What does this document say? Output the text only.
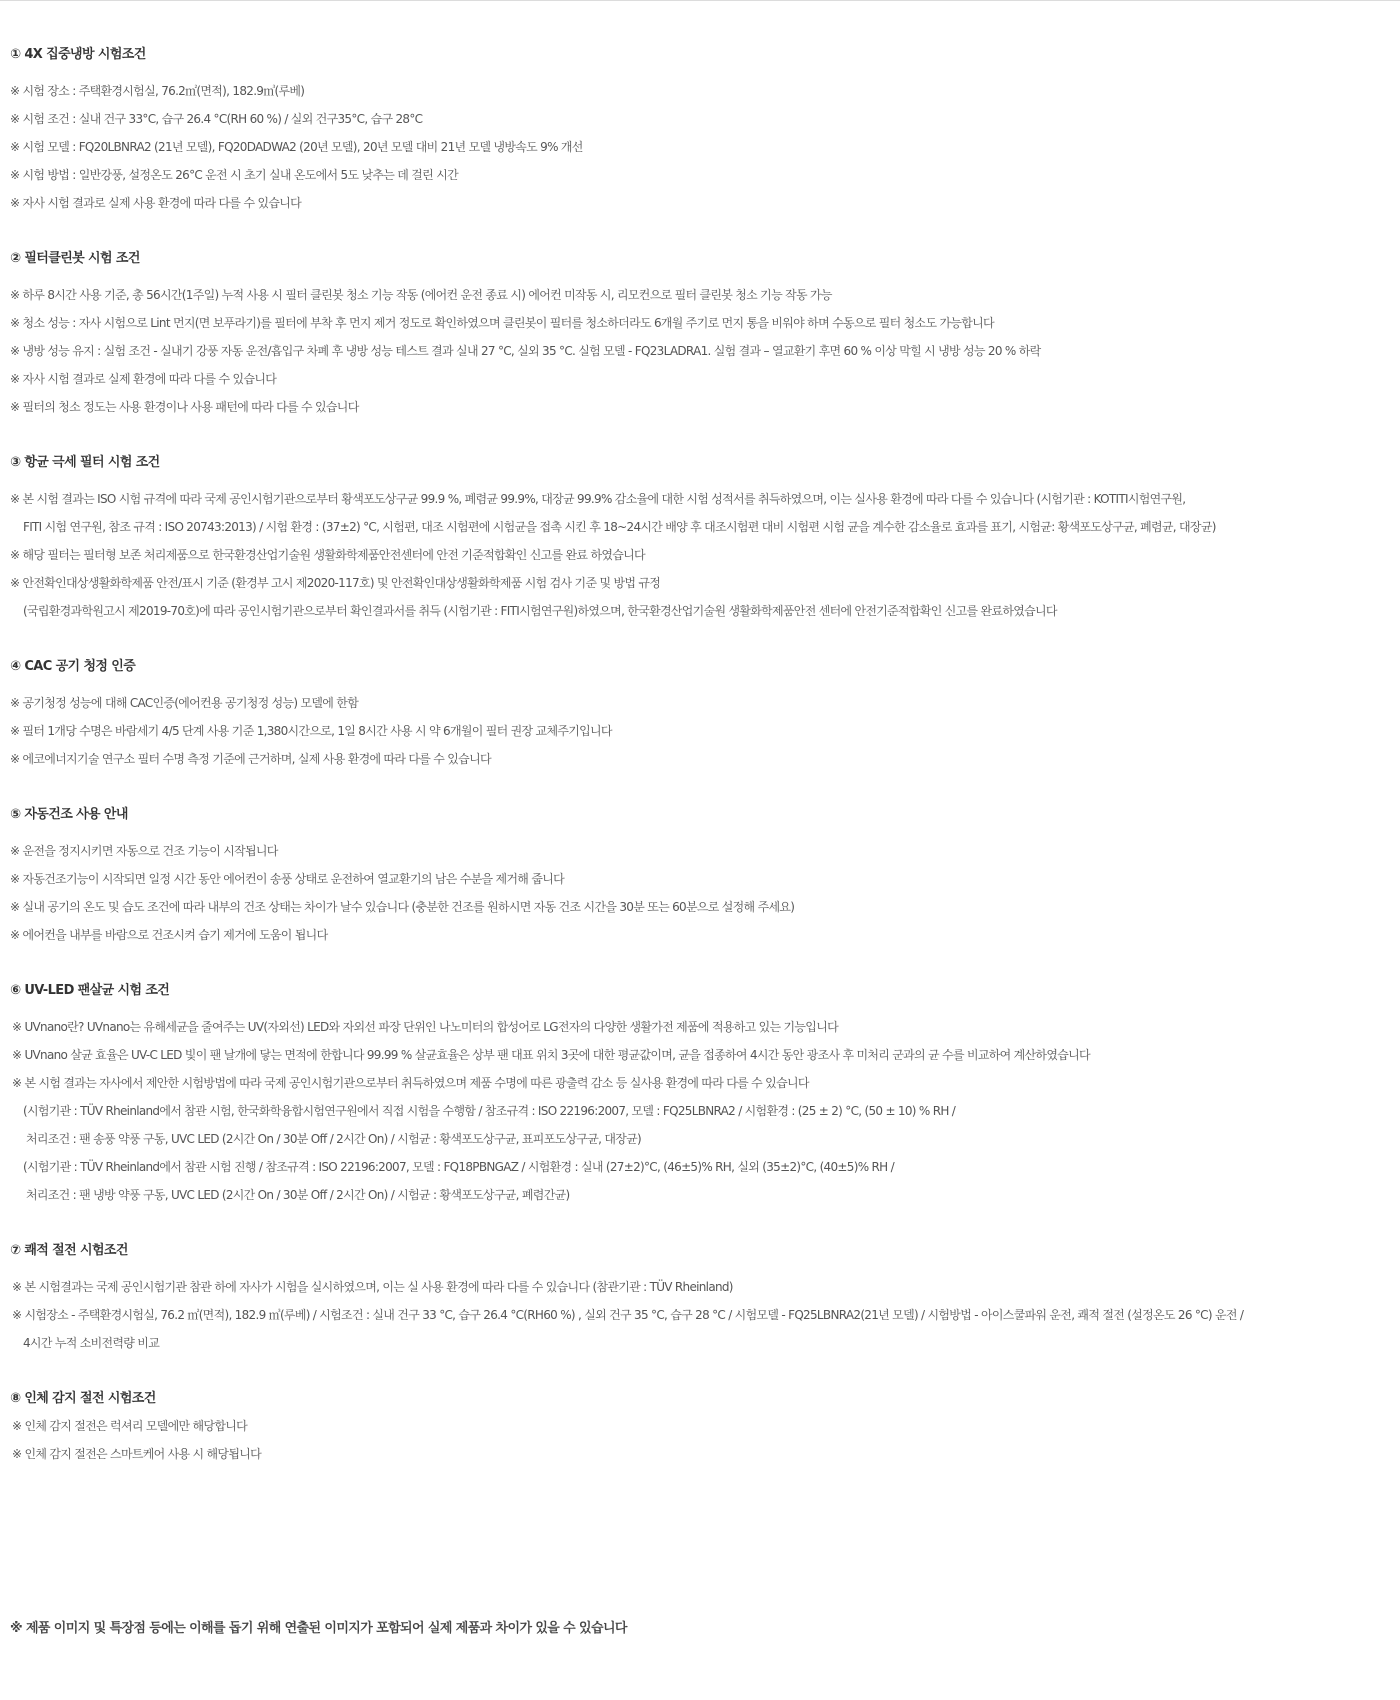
① 4X 집중냉방 시험조건

※ 시험 장소 : 주택환경시험실, 76.2㎡(면적), 182.9㎥(루베)

※ 시험 조건 : 실내 건구 33°C, 습구 26.4 °C(RH 60 %) / 실외 건구35°C, 습구 28°C

※ 시험 모델 : FQ20LBNRA2 (21년 모델), FQ20DADWA2 (20년 모델), 20년 모델 대비 21년 모델 냉방속도 9% 개선

※ 시험 방법 : 일반강풍, 설정온도 26°C 운전 시 초기 실내 온도에서 5도 낮추는 데 걸린 시간

※ 자사 시험 결과로 실제 사용 환경에 따라 다를 수 있습니다

② 필터클린봇 시험 조건

※ 하루 8시간 사용 기준, 총 56시간(1주일) 누적 사용 시 필터 클린봇 청소 기능 작동 (에어컨 운전 종료 시) 에어컨 미작동 시, 리모컨으로 필터 클린봇 청소 기능 작동 가능

※ 청소 성능 : 자사 시험으로 Lint 먼지(면 보푸라기)를 필터에 부착 후 먼지 제거 정도로 확인하였으며 클린봇이 필터를 청소하더라도 6개월 주기로 먼지 통을 비워야 하며 수동으로 필터 청소도 가능합니다

※ 냉방 성능 유지 : 실험 조건 - 실내기 강풍 자동 운전/흡입구 차폐 후 냉방 성능 테스트 결과 실내 27 °C, 실외 35 °C. 실험 모델 - FQ23LADRA1. 실험 결과 – 열교환기 후면 60 % 이상 막힐 시 냉방 성능 20 % 하락

※ 자사 시험 결과로 실제 환경에 따라 다를 수 있습니다

※ 필터의 청소 정도는 사용 환경이나 사용 패턴에 따라 다를 수 있습니다

③ 항균 극세 필터 시험 조건

※ 본 시험 결과는 ISO 시험 규격에 따라 국제 공인시험기관으로부터 황색포도상구균 99.9 %, 폐렴균 99.9%, 대장균 99.9% 감소율에 대한 시험 성적서를 취득하였으며, 이는 실사용 환경에 따라 다를 수 있습니다 (시험기관 : KOTITI시험연구원,

FITI 시험 연구원, 참조 규격 : ISO 20743:2013) / 시험 환경 : (37±2) °C, 시험편, 대조 시험편에 시험균을 접촉 시킨 후 18~24시간 배양 후 대조시험편 대비 시험편 시험 균을 계수한 감소율로 효과를 표기, 시험균: 황색포도상구균, 폐렴균, 대장균)

※ 해당 필터는 필터형 보존 처리제품으로 한국환경산업기술원 생활화학제품안전센터에 안전 기준적합확인 신고를 완료 하였습니다

※ 안전확인대상생활화학제품 안전/표시 기준 (환경부 고시 제2020-117호) 및 안전확인대상생활화학제품 시험 검사 기준 및 방법 규정

(국립환경과학원고시 제2019-70호)에 따라 공인시험기관으로부터 확인결과서를 취득 (시험기관 : FITI시험연구원)하였으며, 한국환경산업기술원 생활화학제품안전 센터에 안전기준적합확인 신고를 완료하였습니다

④ CAC 공기 청정 인증

※ 공기청정 성능에 대해 CAC인증(에어컨용 공기청정 성능) 모델에 한함

※ 필터 1개당 수명은 바람세기 4/5 단계 사용 기준 1,380시간으로, 1일 8시간 사용 시 약 6개월이 필터 권장 교체주기입니다

※ 에코에너지기술 연구소 필터 수명 측정 기준에 근거하며, 실제 사용 환경에 따라 다를 수 있습니다

⑤ 자동건조 사용 안내

※ 운전을 정지시키면 자동으로 건조 기능이 시작됩니다

※ 자동건조기능이 시작되면 일정 시간 동안 에어컨이 송풍 상태로 운전하여 열교환기의 남은 수분을 제거해 줍니다

※ 실내 공기의 온도 및 습도 조건에 따라 내부의 건조 상태는 차이가 날수 있습니다 (충분한 건조를 원하시면 자동 건조 시간을 30분 또는 60분으로 설정해 주세요)

※ 에어컨을 내부를 바람으로 건조시켜 습기 제거에 도움이 됩니다

⑥ UV-LED 팬살균 시험 조건

※ UVnano란? UVnano는 유해세균을 줄여주는 UV(자외선) LED와 자외선 파장 단위인 나노미터의 합성어로 LG전자의 다양한 생활가전 제품에 적용하고 있는 기능입니다

※ UVnano 살균 효율은 UV-C LED 빛이 팬 날개에 닿는 면적에 한합니다 99.99 % 살균효율은 상부 팬 대표 위치 3곳에 대한 평균값이며, 균을 접종하여 4시간 동안 광조사 후 미처리 군과의 균 수를 비교하여 계산하였습니다

※ 본 시험 결과는 자사에서 제안한 시험방법에 따라 국제 공인시험기관으로부터 취득하였으며 제품 수명에 따른 광출력 감소 등 실사용 환경에 따라 다를 수 있습니다

(시험기관 : TÜV Rheinland에서 참관 시험, 한국화학융합시험연구원에서 직접 시험을 수행함 / 참조규격 : ISO 22196:2007, 모델 : FQ25LBNRA2 / 시험환경 : (25 ± 2) °C, (50 ± 10) % RH /

처리조건 : 팬 송풍 약풍 구동, UVC LED (2시간 On / 30분 Off / 2시간 On) / 시험균 : 황색포도상구균, 표피포도상구균, 대장균)

(시험기관 : TÜV Rheinland에서 참관 시험 진행 / 참조규격 : ISO 22196:2007, 모델 : FQ18PBNGAZ / 시험환경 : 실내 (27±2)°C, (46±5)% RH, 실외 (35±2)°C, (40±5)% RH /

처리조건 : 팬 냉방 약풍 구동, UVC LED (2시간 On / 30분 Off / 2시간 On) / 시험균 : 황색포도상구균, 폐렴간균)

⑦ 쾌적 절전 시험조건

※ 본 시험결과는 국제 공인시험기관 참관 하에 자사가 시험을 실시하였으며, 이는 실 사용 환경에 따라 다를 수 있습니다 (참관기관 : TÜV Rheinland)

※ 시험장소 - 주택환경시험실, 76.2 ㎡(면적), 182.9 ㎥(루베) / 시험조건 : 실내 건구 33 °C, 습구 26.4 °C(RH60 %) , 실외 건구 35 °C, 습구 28 °C / 시험모델 - FQ25LBNRA2(21년 모델) / 시험방법 - 아이스쿨파워 운전, 쾌적 절전 (설정온도 26 °C) 운전 /

4시간 누적 소비전력량 비교

⑧ 인체 감지 절전 시험조건

※ 인체 감지 절전은 럭셔리 모델에만 해당합니다

※ 인체 감지 절전은 스마트케어 사용 시 해당됩니다

※ 제품 이미지 및 특장점 등에는 이해를 돕기 위해 연출된 이미지가 포함되어 실제 제품과 차이가 있을 수 있습니다
